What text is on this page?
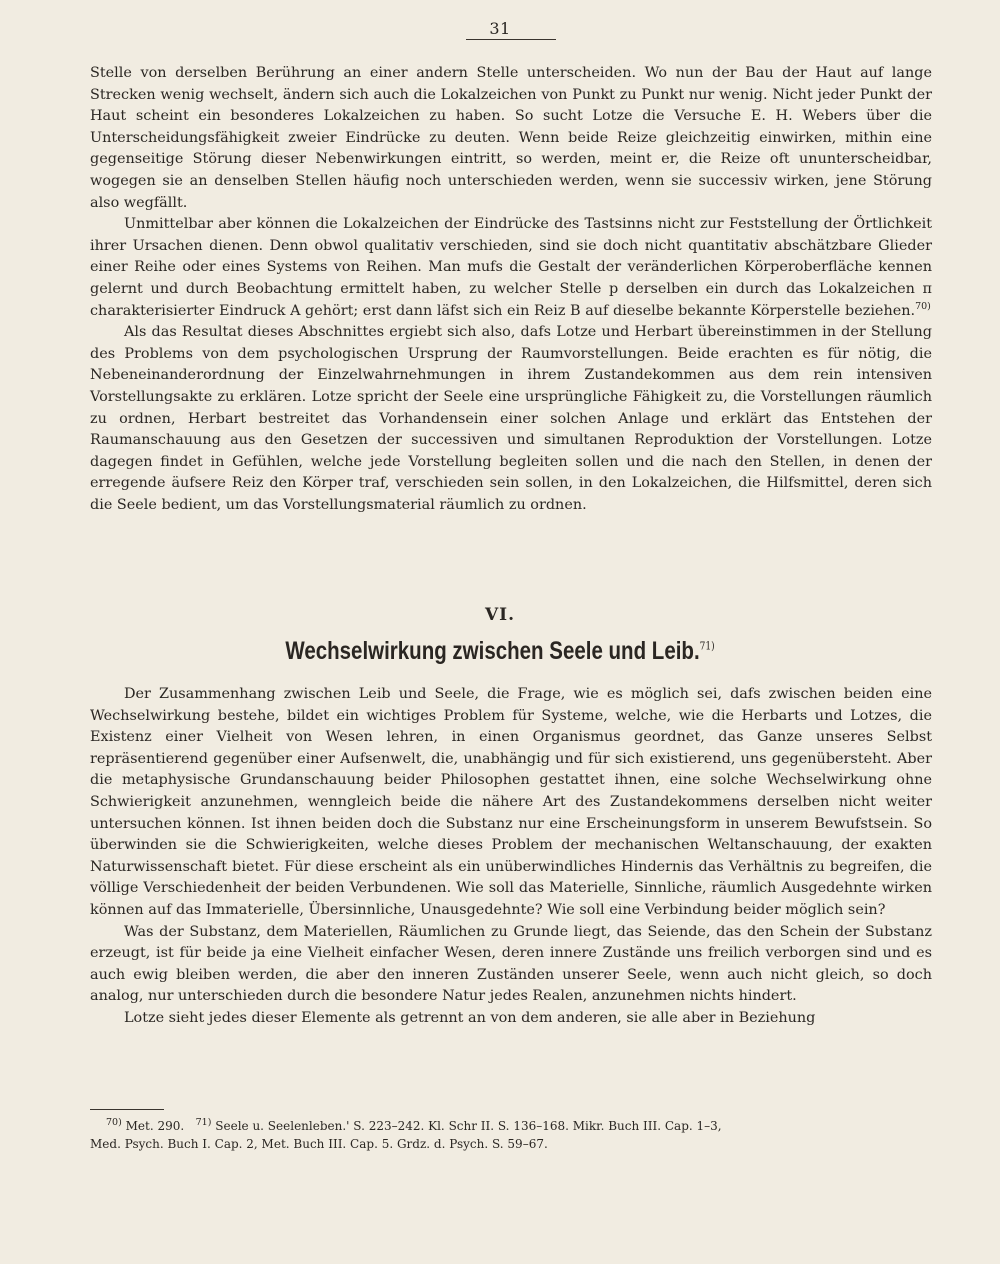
31

Stelle von derselben Berührung an einer andern Stelle unterscheiden. Wo nun der Bau der Haut auf lange Strecken wenig wechselt, ändern sich auch die Lokalzeichen von Punkt zu Punkt nur wenig. Nicht jeder Punkt der Haut scheint ein besonderes Lokalzeichen zu haben. So sucht Lotze die Versuche E. H. Webers über die Unterscheidungsfähigkeit zweier Eindrücke zu deuten. Wenn beide Reize gleichzeitig einwirken, mithin eine gegenseitige Störung dieser Nebenwirkungen eintritt, so werden, meint er, die Reize oft ununterscheidbar, wogegen sie an denselben Stellen häufig noch unterschieden werden, wenn sie successiv wirken, jene Störung also wegfällt.

Unmittelbar aber können die Lokalzeichen der Eindrücke des Tastsinns nicht zur Feststellung der Örtlichkeit ihrer Ursachen dienen. Denn obwol qualitativ verschieden, sind sie doch nicht quantitativ abschätzbare Glieder einer Reihe oder eines Systems von Reihen. Man mufs die Gestalt der veränderlichen Körperoberfläche kennen gelernt und durch Beobachtung ermittelt haben, zu welcher Stelle p derselben ein durch das Lokalzeichen π charakterisierter Eindruck A gehört; erst dann läfst sich ein Reiz B auf dieselbe bekannte Körperstelle beziehen.$^{70)}$

Als das Resultat dieses Abschnittes ergiebt sich also, dafs Lotze und Herbart übereinstimmen in der Stellung des Problems von dem psychologischen Ursprung der Raumvorstellungen. Beide erachten es für nötig, die Nebeneinanderordnung der Einzelwahrnehmungen in ihrem Zustandekommen aus dem rein intensiven Vorstellungsakte zu erklären. Lotze spricht der Seele eine ursprüngliche Fähigkeit zu, die Vorstellungen räumlich zu ordnen, Herbart bestreitet das Vorhandensein einer solchen Anlage und erklärt das Entstehen der Raumanschauung aus den Gesetzen der successiven und simultanen Reproduktion der Vorstellungen. Lotze dagegen findet in Gefühlen, welche jede Vorstellung begleiten sollen und die nach den Stellen, in denen der erregende äufsere Reiz den Körper traf, verschieden sein sollen, in den Lokalzeichen, die Hilfsmittel, deren sich die Seele bedient, um das Vorstellungsmaterial räumlich zu ordnen.

VI.
Wechselwirkung zwischen Seele und Leib.$^{71)}$

Der Zusammenhang zwischen Leib und Seele, die Frage, wie es möglich sei, dafs zwischen beiden eine Wechselwirkung bestehe, bildet ein wichtiges Problem für Systeme, welche, wie die Herbarts und Lotzes, die Existenz einer Vielheit von Wesen lehren, in einen Organismus geordnet, das Ganze unseres Selbst repräsentierend gegenüber einer Aufsenwelt, die, unabhängig und für sich existierend, uns gegenübersteht. Aber die metaphysische Grundanschauung beider Philosophen gestattet ihnen, eine solche Wechselwirkung ohne Schwierigkeit anzunehmen, wenngleich beide die nähere Art des Zustandekommens derselben nicht weiter untersuchen können. Ist ihnen beiden doch die Substanz nur eine Erscheinungsform in unserem Bewufstsein. So überwinden sie die Schwierigkeiten, welche dieses Problem der mechanischen Weltanschauung, der exakten Naturwissenschaft bietet. Für diese erscheint als ein unüberwindliches Hindernis das Verhältnis zu begreifen, die völlige Verschiedenheit der beiden Verbundenen. Wie soll das Materielle, Sinnliche, räumlich Ausgedehnte wirken können auf das Immaterielle, Übersinnliche, Unausgedehnte? Wie soll eine Verbindung beider möglich sein?

Was der Substanz, dem Materiellen, Räumlichen zu Grunde liegt, das Seiende, das den Schein der Substanz erzeugt, ist für beide ja eine Vielheit einfacher Wesen, deren innere Zustände uns freilich verborgen sind und es auch ewig bleiben werden, die aber den inneren Zuständen unserer Seele, wenn auch nicht gleich, so doch analog, nur unterschieden durch die besondere Natur jedes Realen, anzunehmen nichts hindert.

Lotze sieht jedes dieser Elemente als getrennt an von dem anderen, sie alle aber in Beziehung

$^{70)}$ Met. 290. $^{71)}$ Seele u. Seelenleben.' S. 223–242. Kl. Schr II. S. 136–168. Mikr. Buch III. Cap. 1–3,

Med. Psych. Buch I. Cap. 2, Met. Buch III. Cap. 5. Grdz. d. Psych. S. 59–67.
